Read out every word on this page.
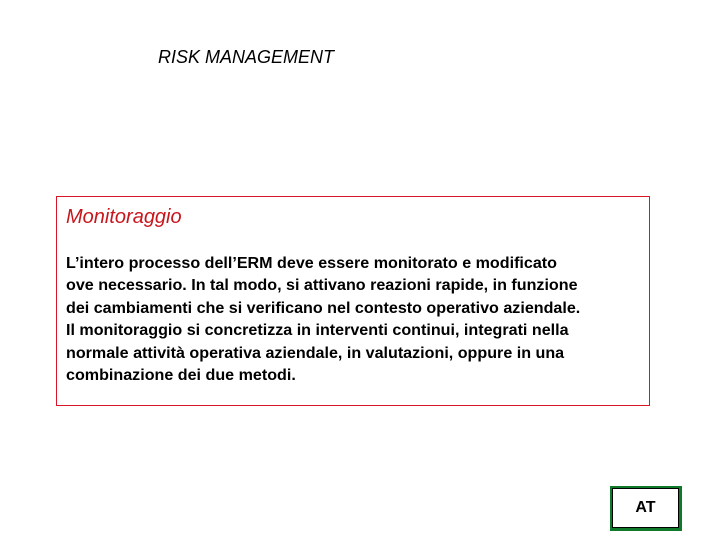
RISK MANAGEMENT
Monitoraggio

L’intero processo dell’ERM deve essere monitorato e modificato
ove necessario. In tal modo, si attivano reazioni rapide, in funzione
dei cambiamenti che si verificano nel contesto operativo aziendale.
Il monitoraggio si concretizza in interventi continui, integrati nella
normale attività operativa aziendale, in valutazioni, oppure in una
combinazione dei due metodi.

AT
